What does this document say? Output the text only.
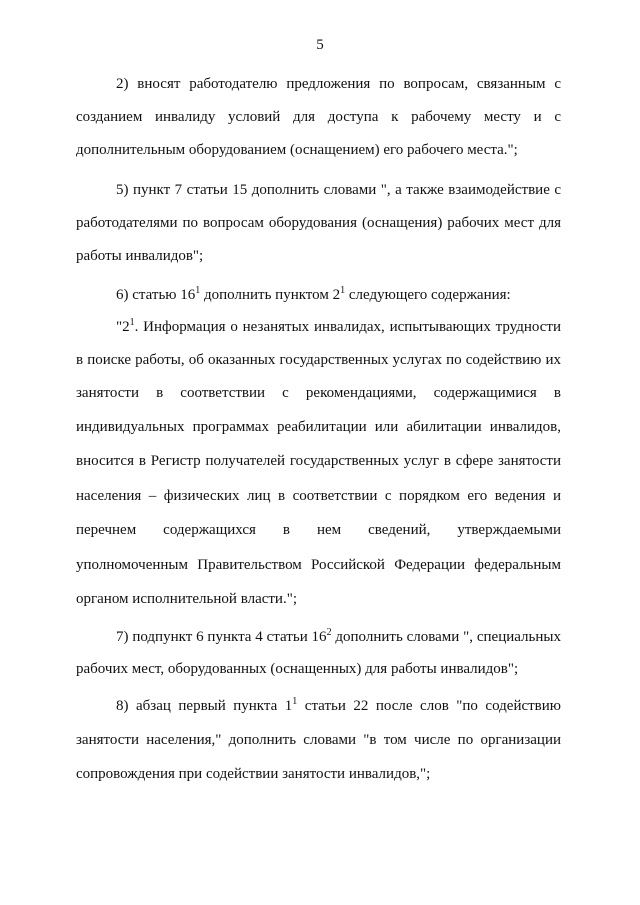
5
2) вносят работодателю предложения по вопросам, связанным с
созданием инвалиду условий для доступа к рабочему месту и с
дополнительным оборудованием (оснащением) его рабочего места.";
5) пункт 7 статьи 15 дополнить словами ", а также взаимодействие с
работодателями по вопросам оборудования (оснащения) рабочих мест для
работы инвалидов";
6) статью $16^1$ дополнить пунктом $2^1$ следующего содержания:
"$2^1$. Информация о незанятых инвалидах, испытывающих трудности
в поиске работы, об оказанных государственных услугах по содействию их
занятости в соответствии с рекомендациями, содержащимися в
индивидуальных программах реабилитации или абилитации инвалидов,
вносится в Регистр получателей государственных услуг в сфере занятости
населения – физических лиц в соответствии с порядком его ведения и
перечнем содержащихся в нем сведений, утверждаемыми
уполномоченным Правительством Российской Федерации федеральным
органом исполнительной власти.";
7) подпункт 6 пункта 4 статьи $16^2$ дополнить словами ", специальных
рабочих мест, оборудованных (оснащенных) для работы инвалидов";
8) абзац первый пункта $1^1$ статьи 22 после слов "по содействию
занятости населения," дополнить словами "в том числе по организации
сопровождения при содействии занятости инвалидов,";
